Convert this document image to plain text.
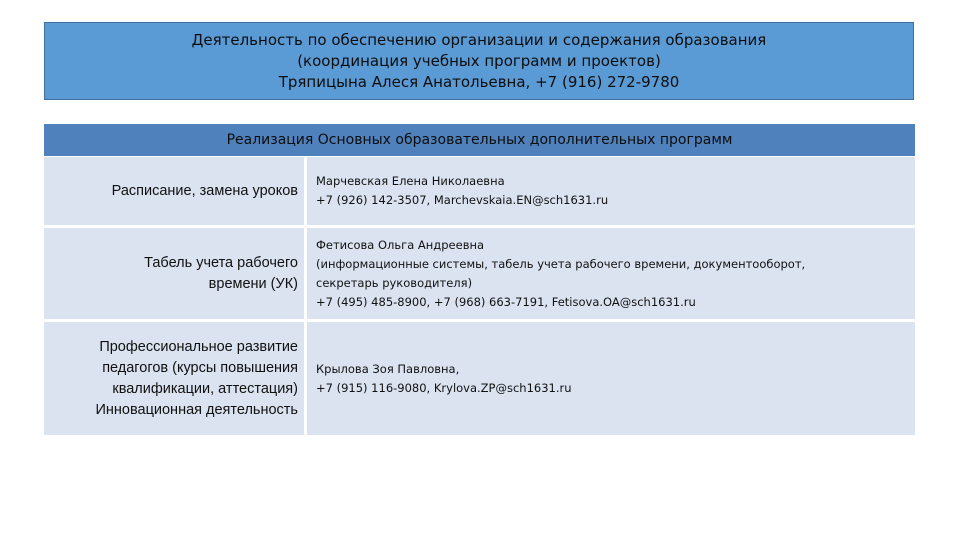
Деятельность по обеспечению организации и содержания образования
(координация учебных программ и проектов)
Тряпицына Алеся Анатольевна, +7 (916) 272-9780
Реализация Основных образовательных дополнительных программ
Расписание, замена уроков
Марчевская Елена Николаевна
+7 (926) 142-3507, Marchevskaia.EN@sch1631.ru
Табель учета рабочего
времени (УК)
Фетисова Ольга Андреевна
(информационные системы, табель учета рабочего времени, документооборот,
секретарь руководителя)
+7 (495) 485-8900, +7 (968) 663-7191, Fetisova.OA@sch1631.ru
Профессиональное развитие
педагогов (курсы повышения
квалификации, аттестация)
Инновационная деятельность
Крылова Зоя Павловна,
+7 (915) 116-9080, Krylova.ZP@sch1631.ru
